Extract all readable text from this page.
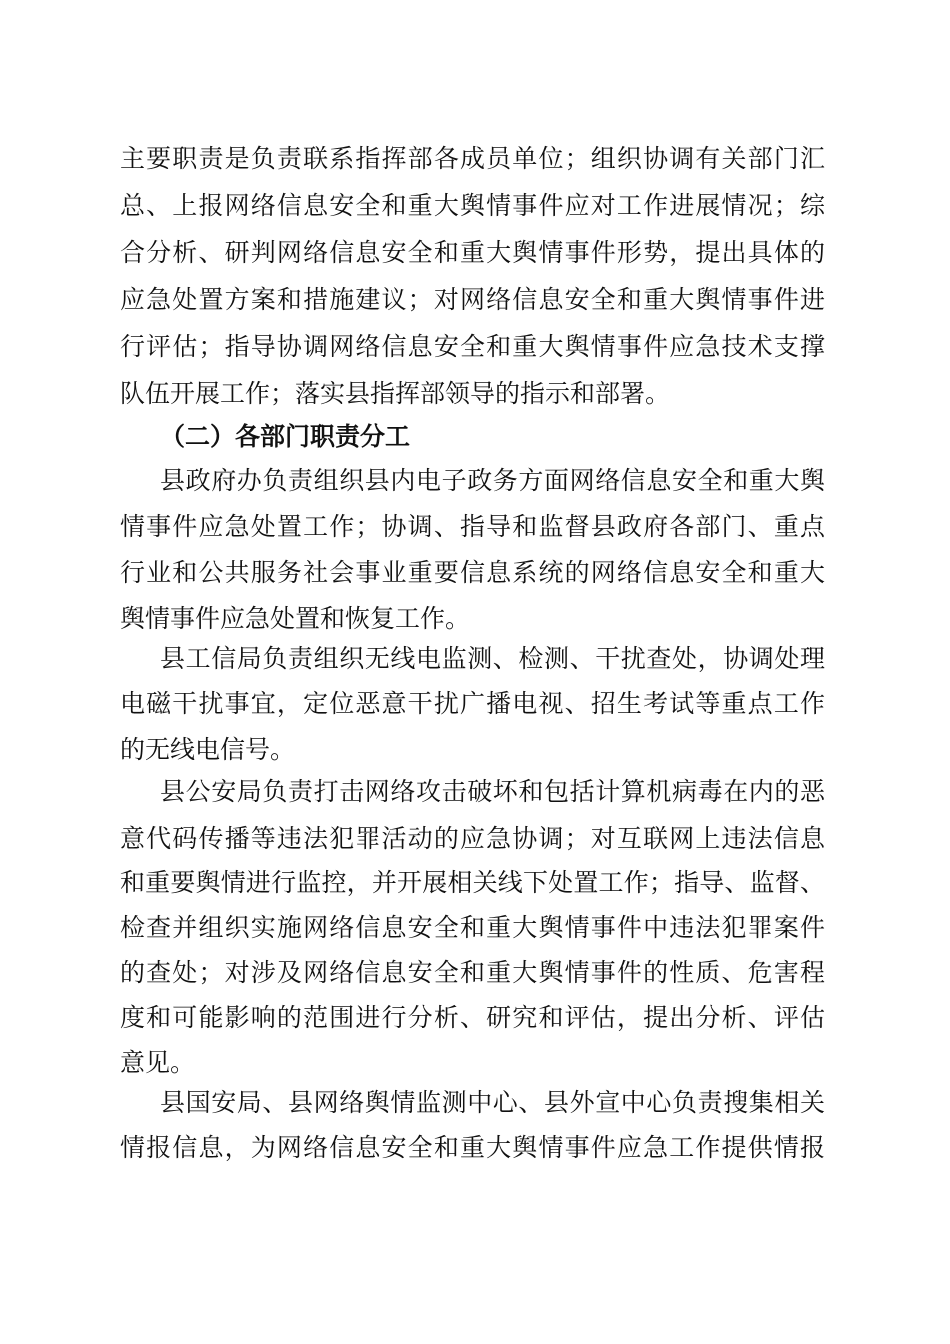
主要职责是负责联系指挥部各成员单位；组织协调有关部门汇
总、上报网络信息安全和重大舆情事件应对工作进展情况；综
合分析、研判网络信息安全和重大舆情事件形势，提出具体的
应急处置方案和措施建议；对网络信息安全和重大舆情事件进
行评估；指导协调网络信息安全和重大舆情事件应急技术支撑
队伍开展工作；落实县指挥部领导的指示和部署。
（二）各部门职责分工
县政府办负责组织县内电子政务方面网络信息安全和重大舆
情事件应急处置工作；协调、指导和监督县政府各部门、重点
行业和公共服务社会事业重要信息系统的网络信息安全和重大
舆情事件应急处置和恢复工作。
县工信局负责组织无线电监测、检测、干扰查处，协调处理
电磁干扰事宜，定位恶意干扰广播电视、招生考试等重点工作
的无线电信号。
县公安局负责打击网络攻击破坏和包括计算机病毒在内的恶
意代码传播等违法犯罪活动的应急协调；对互联网上违法信息
和重要舆情进行监控，并开展相关线下处置工作；指导、监督、
检查并组织实施网络信息安全和重大舆情事件中违法犯罪案件
的查处；对涉及网络信息安全和重大舆情事件的性质、危害程
度和可能影响的范围进行分析、研究和评估，提出分析、评估
意见。
县国安局、县网络舆情监测中心、县外宣中心负责搜集相关
情报信息，为网络信息安全和重大舆情事件应急工作提供情报
